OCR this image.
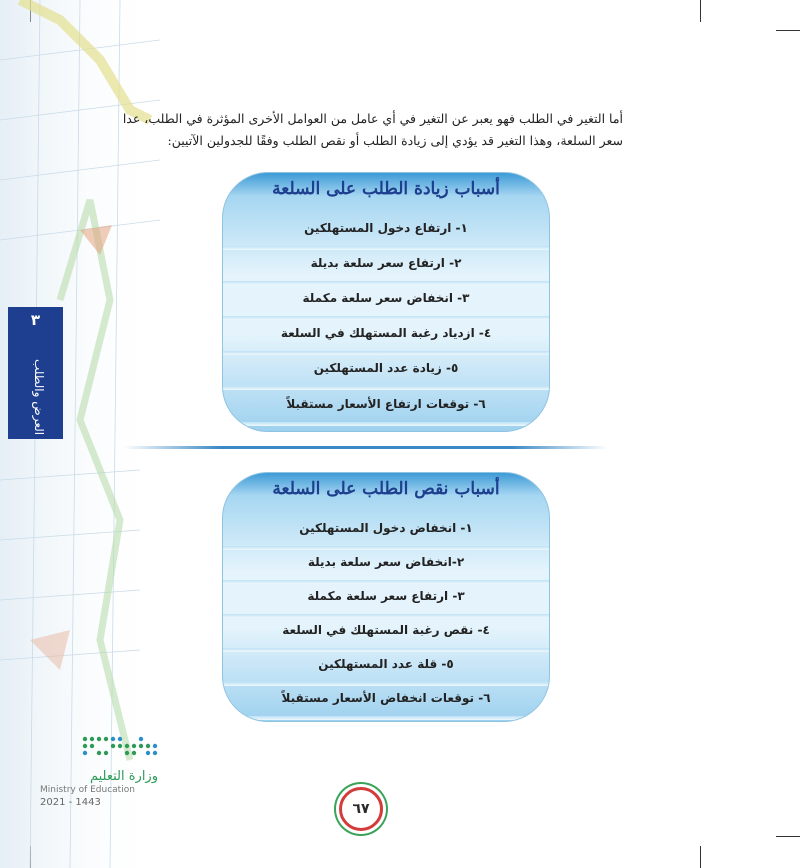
٣
العرض والطلب

أما التغير في الطلب فهو يعبر عن التغير في أي عامل من العوامل الأخرى المؤثرة في الطلب، عدا سعر السلعة، وهذا التغير قد يؤدي إلى زيادة الطلب أو نقص الطلب وفقًا للجدولين الآتيين:

أسباب زيادة الطلب على السلعة
١- ارتفاع دخول المستهلكين
٢- ارتفاع سعر سلعة بديلة
٣- انخفاض سعر سلعة مكملة
٤- ازدياد رغبة المستهلك في السلعة
٥- زيادة عدد المستهلكين
٦- توقعات ارتفاع الأسعار مستقبلاً
أسباب نقص الطلب على السلعة
١- انخفاض دخول المستهلكين
٢-انخفاض سعر سلعة بديلة
٣- ارتفاع سعر سلعة مكملة
٤- نقص رغبة المستهلك في السلعة
٥- قلة عدد المستهلكين
٦- توقعات انخفاض الأسعار مستقبلاً
وزارة التعليم
Ministry of Education
2021 - 1443	٦٧
